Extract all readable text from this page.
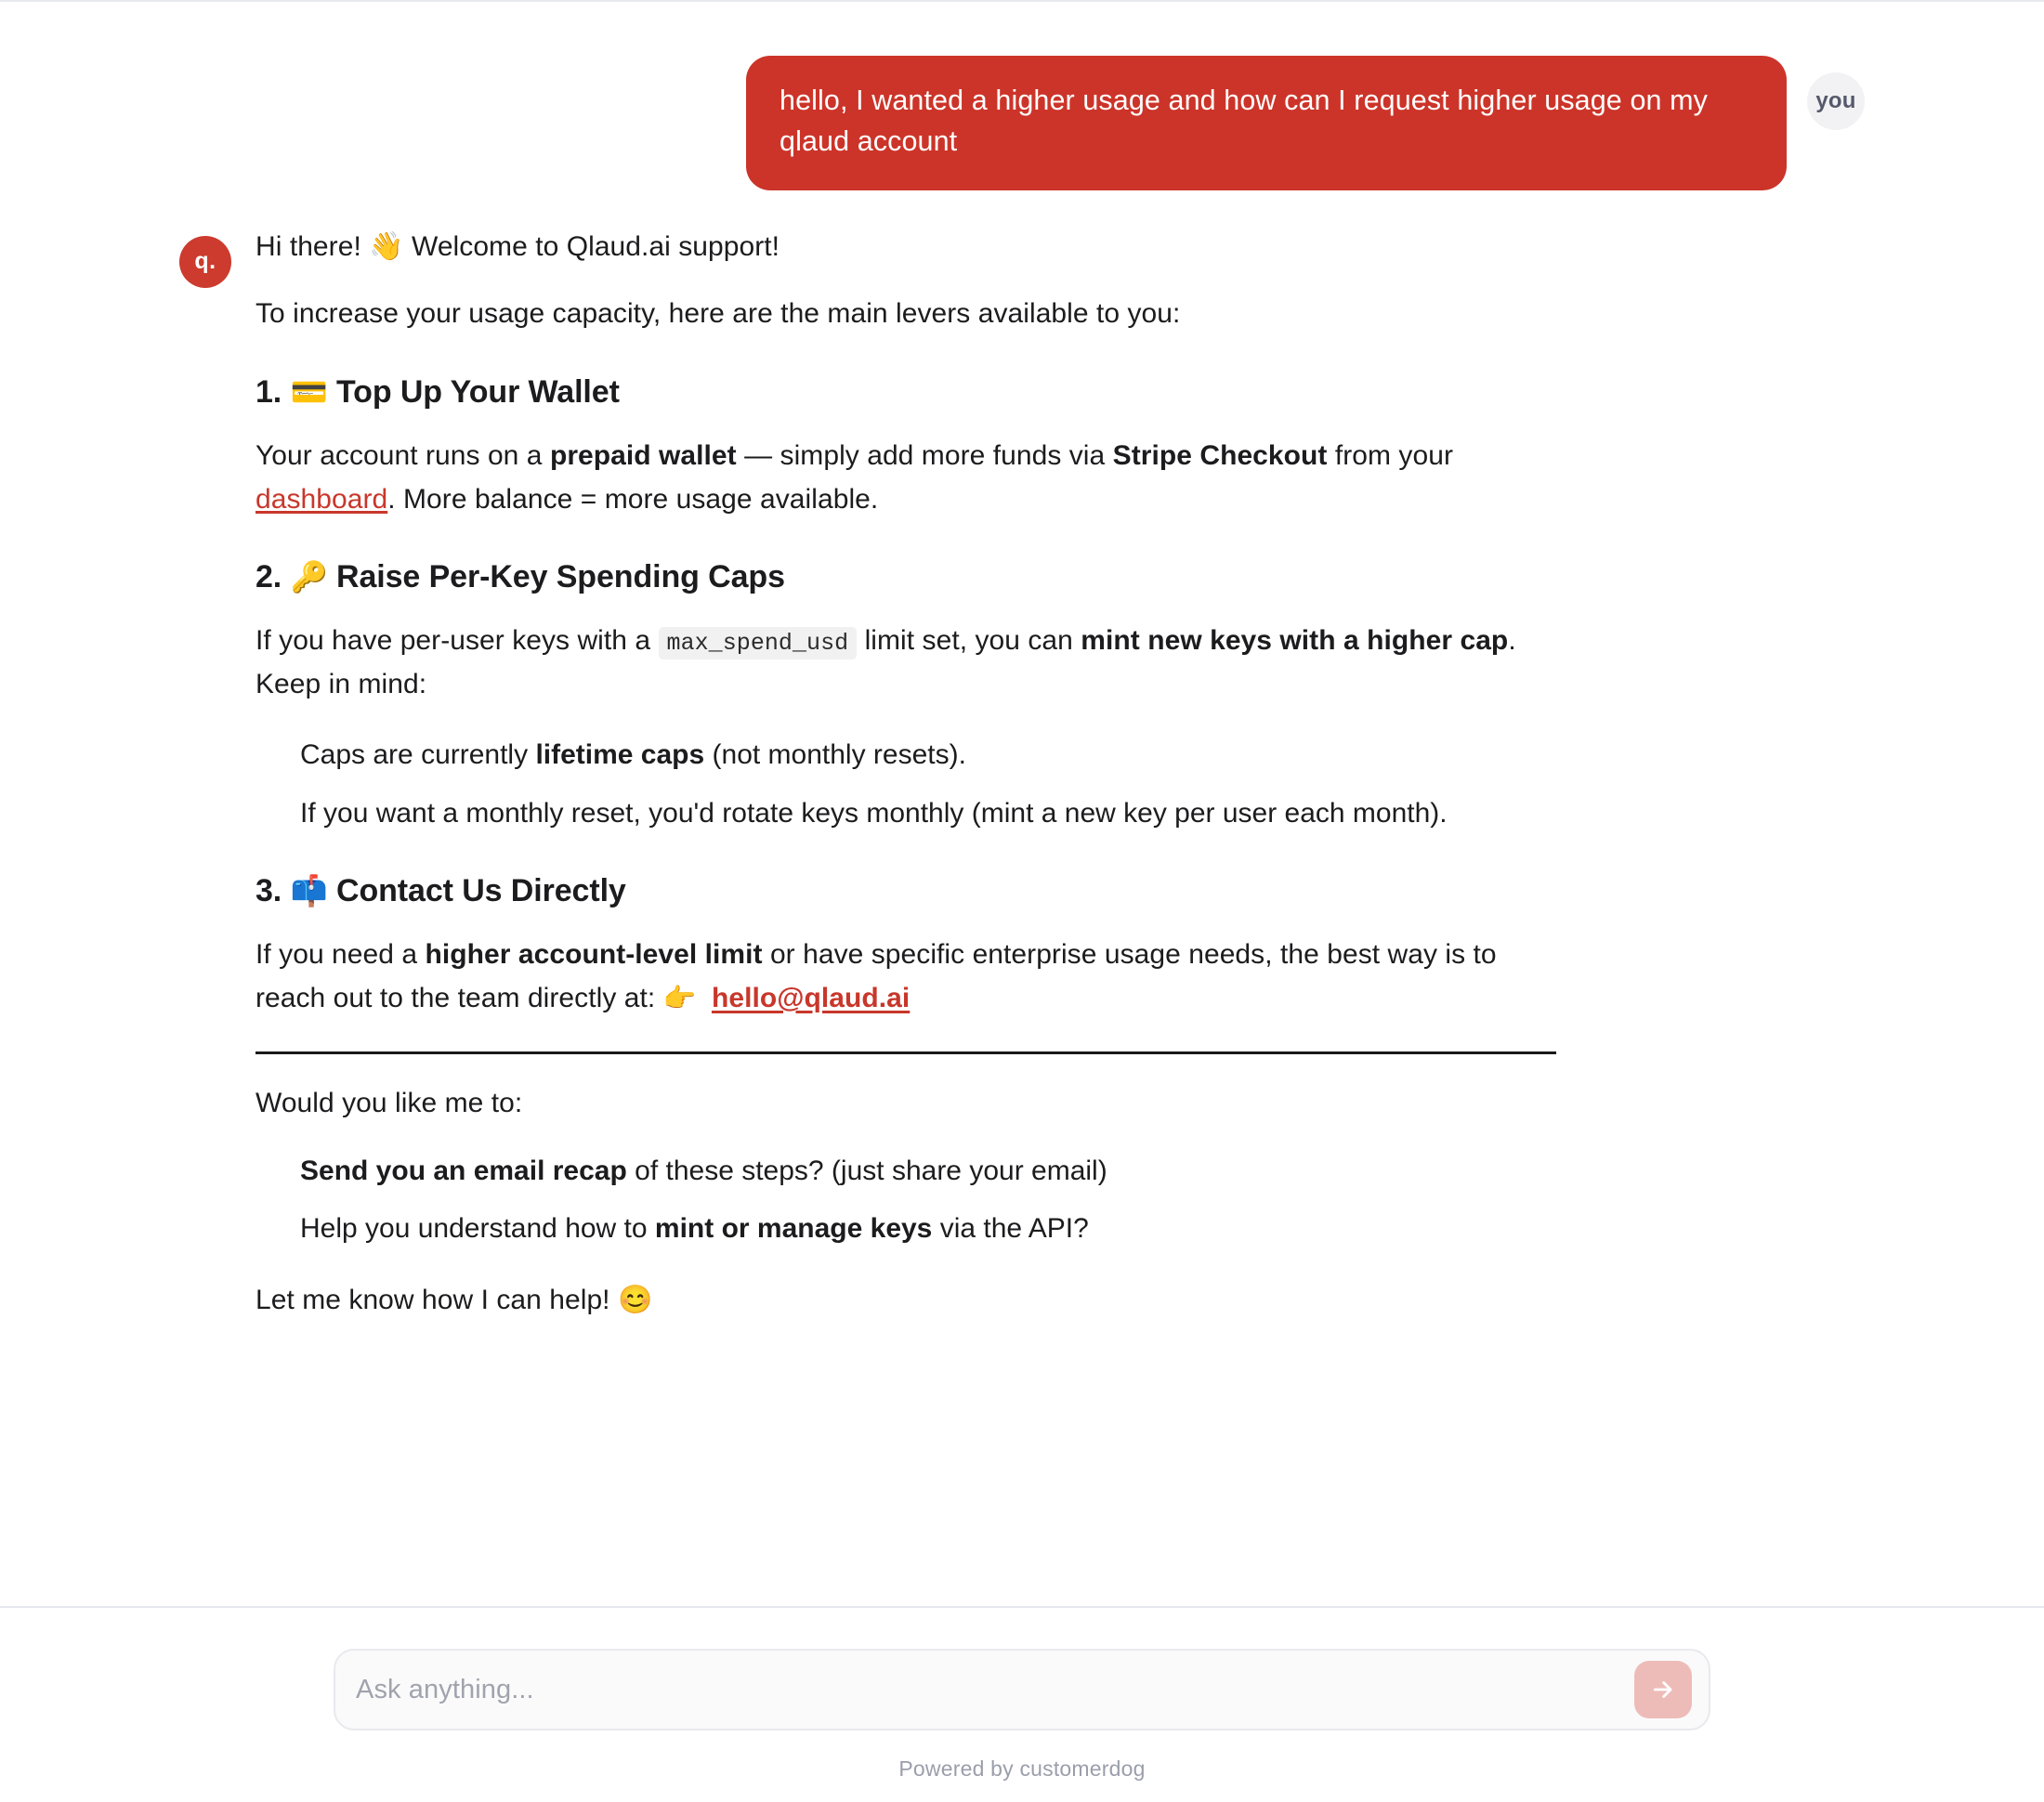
hello, I wanted a higher usage and how can I request higher usage on my qlaud account
you
q.	Hi there! 👋 Welcome to Qlaud.ai support!

To increase your usage capacity, here are the main levers available to you:

1. 💳 Top Up Your Wallet

Your account runs on a prepaid wallet — simply add more funds via Stripe Checkout from your dashboard. More balance = more usage available.

2. 🔑 Raise Per-Key Spending Caps

If you have per-user keys with a max_spend_usd limit set, you can mint new keys with a higher cap. Keep in mind:

Caps are currently lifetime caps (not monthly resets).
If you want a monthly reset, you'd rotate keys monthly (mint a new key per user each month).
3. 📫 Contact Us Directly

If you need a higher account-level limit or have specific enterprise usage needs, the best way is to reach out to the team directly at: 👉 hello@qlaud.ai

Would you like me to:

Send you an email recap of these steps? (just share your email)
Help you understand how to mint or manage keys via the API?

Let me know how I can help! 😊

Ask anything...
Powered by customerdog
